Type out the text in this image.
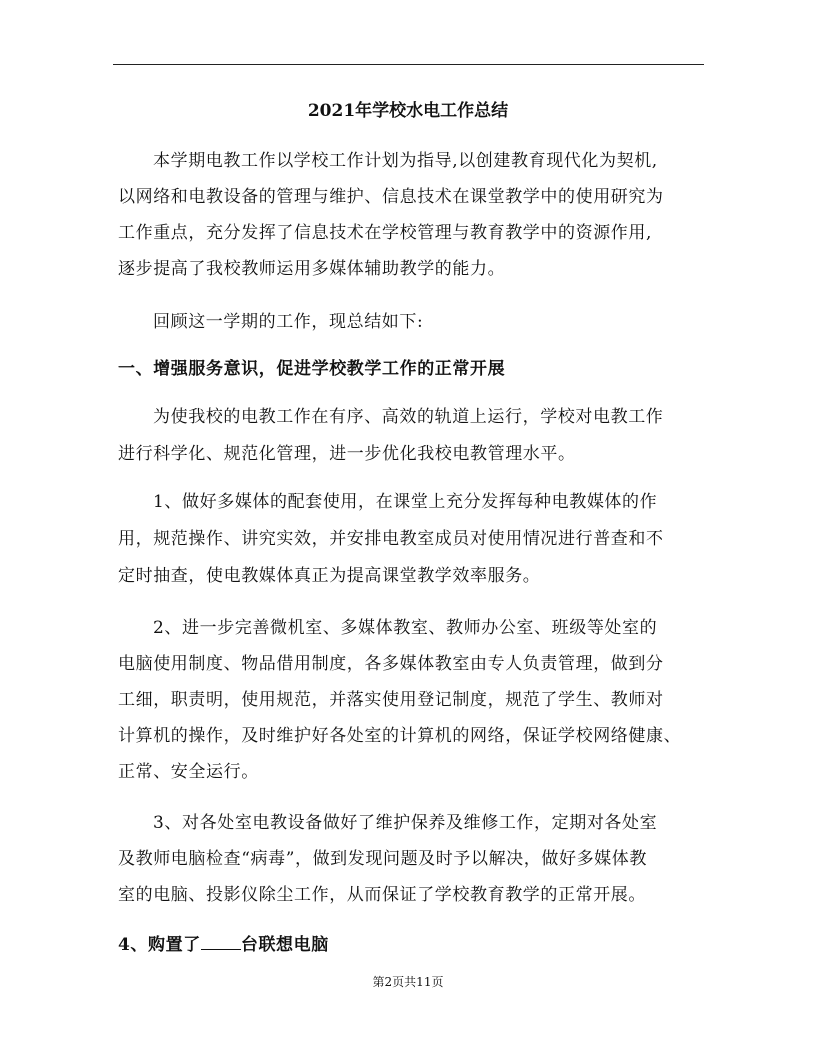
2021年学校水电工作总结
本学期电教工作以学校工作计划为指导,以创建教育现代化为契机,
以网络和电教设备的管理与维护、信息技术在课堂教学中的使用研究为
工作重点，充分发挥了信息技术在学校管理与教育教学中的资源作用,
逐步提高了我校教师运用多媒体辅助教学的能力。
回顾这一学期的工作，现总结如下:
一、增强服务意识，促进学校教学工作的正常开展
为使我校的电教工作在有序、高效的轨道上运行，学校对电教工作
进行科学化、规范化管理，进一步优化我校电教管理水平。
1、做好多媒体的配套使用，在课堂上充分发挥每种电教媒体的作
用，规范操作、讲究实效，并安排电教室成员对使用情况进行普查和不
定时抽查，使电教媒体真正为提高课堂教学效率服务。
2、进一步完善微机室、多媒体教室、教师办公室、班级等处室的
电脑使用制度、物品借用制度，各多媒体教室由专人负责管理，做到分
工细，职责明，使用规范，并落实使用登记制度，规范了学生、教师对
计算机的操作，及时维护好各处室的计算机的网络，保证学校网络健康、
正常、安全运行。
3、对各处室电教设备做好了维护保养及维修工作，定期对各处室
及教师电脑检查“病毒”，做到发现问题及时予以解决，做好多媒体教
室的电脑、投影仪除尘工作，从而保证了学校教育教学的正常开展。
4、购置了 台联想电脑
第2页共11页
